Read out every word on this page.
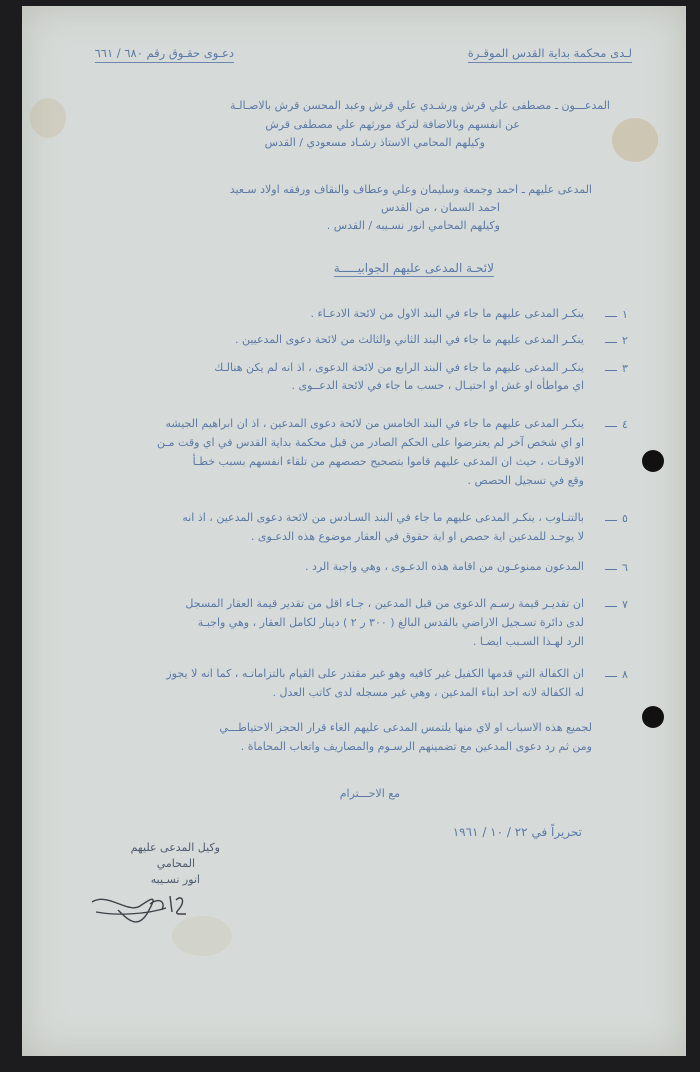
لـدى محكمة بداية القدس الموقـرة
دعـوى حقـوق رقم ٦٨٠ / ٦٦١
المدعـــون ـ مصطفى علي قرش ورشـدي علي قرش وعبد المحسن قرش بالاصـالـة
عن انفسهم وبالاضافة لتركة مورثهم علي مصطفى قرش
وكيلهم المحامي الاستاذ رشـاد مسعودي / القدس
المدعى عليهم ـ احمد وجمعة وسليمان وعلي وعطاف والنقاف ورفقه اولاد سـعيد
احمد السمان ، من القدس
وكيلهم المحامي انور نسـيبه / القدس .
لائحـة المدعى عليهم الجوابيـــــة
١
ينكـر المدعى عليهم ما جاء في البند الاول من لائحة الادعـاء .
٢
ينكـر المدعى عليهم ما جاء في البند الثاني والثالث من لائحة دعوى المدعيين .
٣
ينكـر المدعى عليهم ما جاء في البند الرابع من لائحة الدعوى ، اذ انه لم يكن هنالـك
اي مواطأه او غش او احتيـال ، حسب ما جاء في لائحة الدعــوى .
٤
ينكـر المدعى عليهم ما جاء في البند الخامس من لائحة دعوى المدعين ، اذ ان ابراهيم الجيشه
او اي شخص آخر لم يعترضوا على الحكم الصادر من قبل محكمة بداية القدس في اي وقت مـن
الاوقـات ، حيث ان المدعى عليهم قاموا بتصحيح حصصهم من تلقاء انفسهم بسبب خطـأ
وقع في تسجيل الحصص .
٥
بالتنـاوب ، ينكـر المدعى عليهم ما جاء في البند السـادس من لائحة دعوى المدعين ، اذ انه
لا يوجـد للمدعين اية حصص او اية حقوق في العقار موضوع هذه الدعـوى .
٦
المدعون ممنوعـون من اقامة هذه الدعـوى ، وهي واجبة الرد .
٧
ان تقديـر قيمة رسـم الدعوى من قبل المدعين ، جـاء اقل من تقدير قيمة العقار المسجل
لدى دائرة تسـجيل الاراضي بالقدس البالغ ( ٣٠٠ ر ٢ ) دينار لكامل العقار ، وهي واجبـة
الرد لهـذا السـبب ايضـا .
٨
ان الكفالة التي قدمها الكفيل غير كافيه وهو غير مقتدر على القيام بالتزاماتـه ، كما انه لا يجوز
له الكفالة لانه احد ابناء المدعين ، وهي غير مسجله لدى كاتب العدل .
لجميع هذه الاسباب او لاي منها يلتمس المدعى عليهم الغاء قرار الحجز الاحتياطـــي
ومن ثم رد دعوى المدعين مع تضمينهم الرسـوم والمصاريف واتعاب المحاماة .
مع الاحـــترام
تحريراً في ٢٢ / ١٠ / ١٩٦١
وكيل المدعى عليهم
المحامي
انور نسـيبه
